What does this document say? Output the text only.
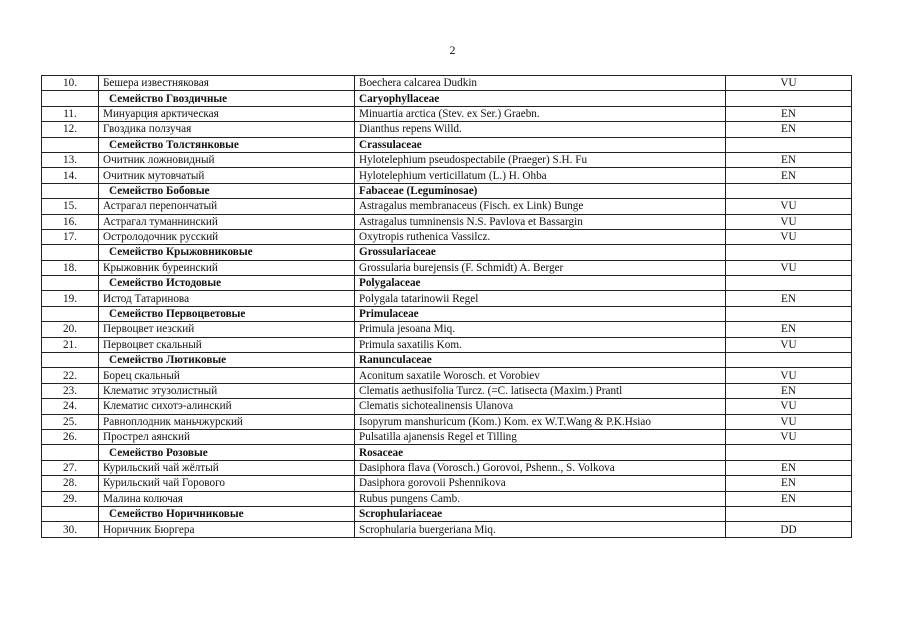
2
10.	Бешера известняковая	Boechera calcarea Dudkin	VU
	Семейство Гвоздичные	Caryophyllaceae	
11.	Минуарция арктическая	Minuartia arctica (Stev. ex Ser.) Graebn.	EN
12.	Гвоздика ползучая	Dianthus repens Willd.	EN
	Семейство Толстянковые	Crassulaceae	
13.	Очитник ложновидный	Hylotelephium pseudospectabile (Praeger) S.H. Fu	EN
14.	Очитник мутовчатый	Hylotelephium verticillatum (L.) H. Ohba	EN
	Семейство Бобовые	Fabaceae (Leguminosae)	
15.	Астрагал перепончатый	Astragalus membranaceus (Fisch. ex Link) Bunge	VU
16.	Астрагал туманнинский	Astragalus tumninensis N.S. Pavlova et Bassargin	VU
17.	Остролодочник русский	Oxytropis ruthenica Vassilcz.	VU
	Семейство Крыжовниковые	Grossulariaceae	
18.	Крыжовник буреинский	Grossularia burejensis (F. Schmidt) A. Berger	VU
	Семейство Истодовые	Polygalaceae	
19.	Истод Татаринова	Polygala tatarinowii Regel	EN
	Семейство Первоцветовые	Primulaceae	
20.	Первоцвет иезский	Primula jesoana Miq.	EN
21.	Первоцвет скальный	Primula saxatilis Kom.	VU
	Семейство Лютиковые	Ranunculaceae	
22.	Борец скальный	Aconitum saxatile Worosch. et Vorobiev	VU
23.	Клематис этузолистный	Clematis aethusifolia Turcz. (=C. latisecta (Maxim.) Prantl	EN
24.	Клематис сихотэ-алинский	Clematis sichotealinensis Ulanova	VU
25.	Равноплодник маньчжурский	Isopyrum manshuricum (Kom.) Kom. ex W.T.Wang & P.K.Hsiao	VU
26.	Прострел аянский	Pulsatilla ajanensis Regel et Tilling	VU
	Семейство Розовые	Rosaceae	
27.	Курильский чай жёлтый	Dasiphora flava (Vorosch.) Gorovoi, Pshenn., S. Volkova	EN
28.	Курильский чай Горового	Dasiphora gorovoii Pshennikova	EN
29.	Малина колючая	Rubus pungens Camb.	EN
	Семейство Норичниковые	Scrophulariaceae	
30.	Норичник Бюргера	Scrophularia buergeriana Miq.	DD
